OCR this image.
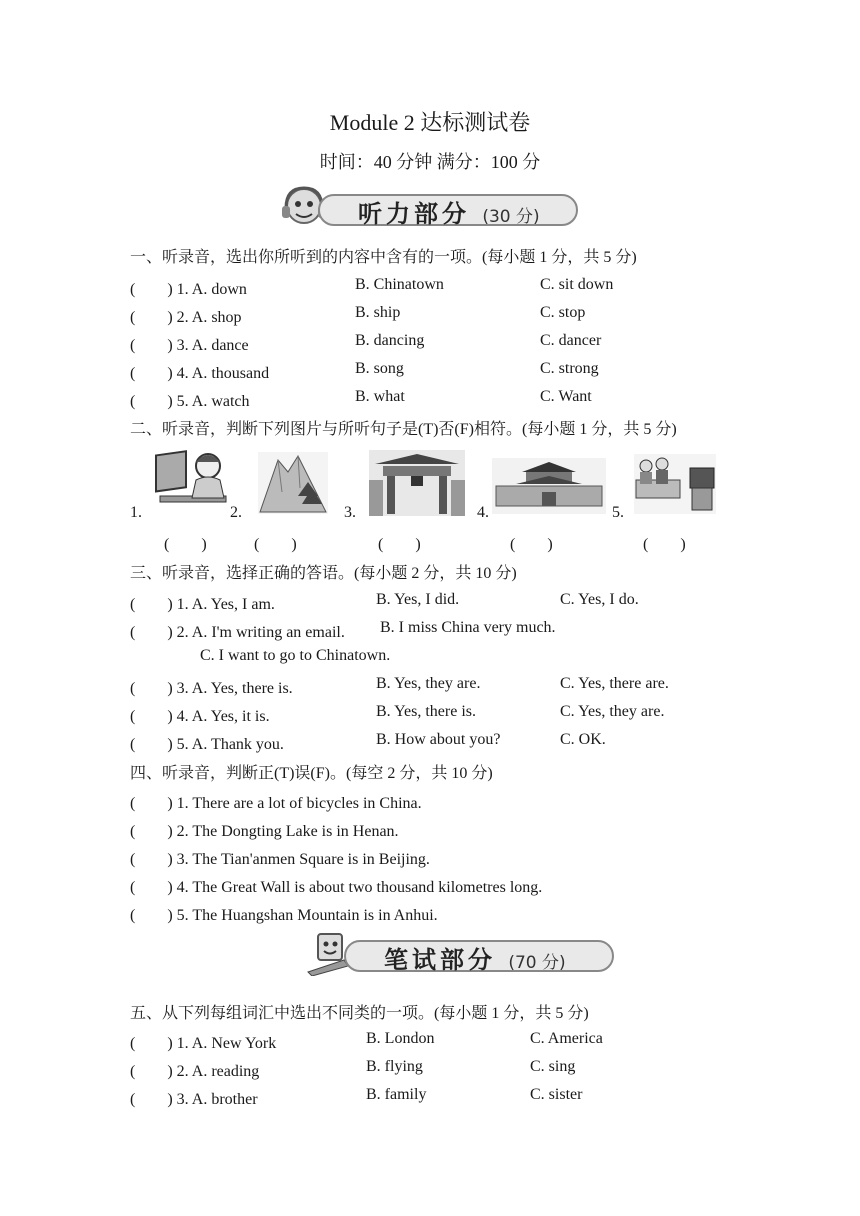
Module 2 达标测试卷
时间：40 分钟 满分：100 分
听力部分 (30 分)
一、听录音，选出你所听到的内容中含有的一项。(每小题 1 分，共 5 分)
(　　) 1. A. down	B. Chinatown	C. sit down
(　　) 2. A. shop	B. ship	C. stop
(　　) 3. A. dance	B. dancing	C. dancer
(　　) 4. A. thousand	B. song	C. strong
(　　) 5. A. watch	B. what	C. Want
二、听录音，判断下列图片与所听句子是(T)否(F)相符。(每小题 1 分，共 5 分)
1.	2.	3.	4.	5.
(　　)	(　　)	(　　)	(　　)	(　　)
三、听录音，选择正确的答语。(每小题 2 分，共 10 分)
(　　) 1. A. Yes, I am.	B. Yes, I did.	C. Yes, I do.
(　　) 2. A. I'm writing an email. B. I miss China very much.
C. I want to go to Chinatown.
(　　) 3. A. Yes, there is.	B. Yes, they are.	C. Yes, there are.
(　　) 4. A. Yes, it is.	B. Yes, there is.	C. Yes, they are.
(　　) 5. A. Thank you.	B. How about you?	C. OK.
四、听录音，判断正(T)误(F)。(每空 2 分，共 10 分)
(　　) 1. There are a lot of bicycles in China.
(　　) 2. The Dongting Lake is in Henan.
(　　) 3. The Tian'anmen Square is in Beijing.
(　　) 4. The Great Wall is about two thousand kilometres long.
(　　) 5. The Huangshan Mountain is in Anhui.
笔试部分 (70 分)
五、从下列每组词汇中选出不同类的一项。(每小题 1 分，共 5 分)
(　　) 1. A. New York	B. London	C. America
(　　) 2. A. reading	B. flying	C. sing
(　　) 3. A. brother	B. family	C. sister
